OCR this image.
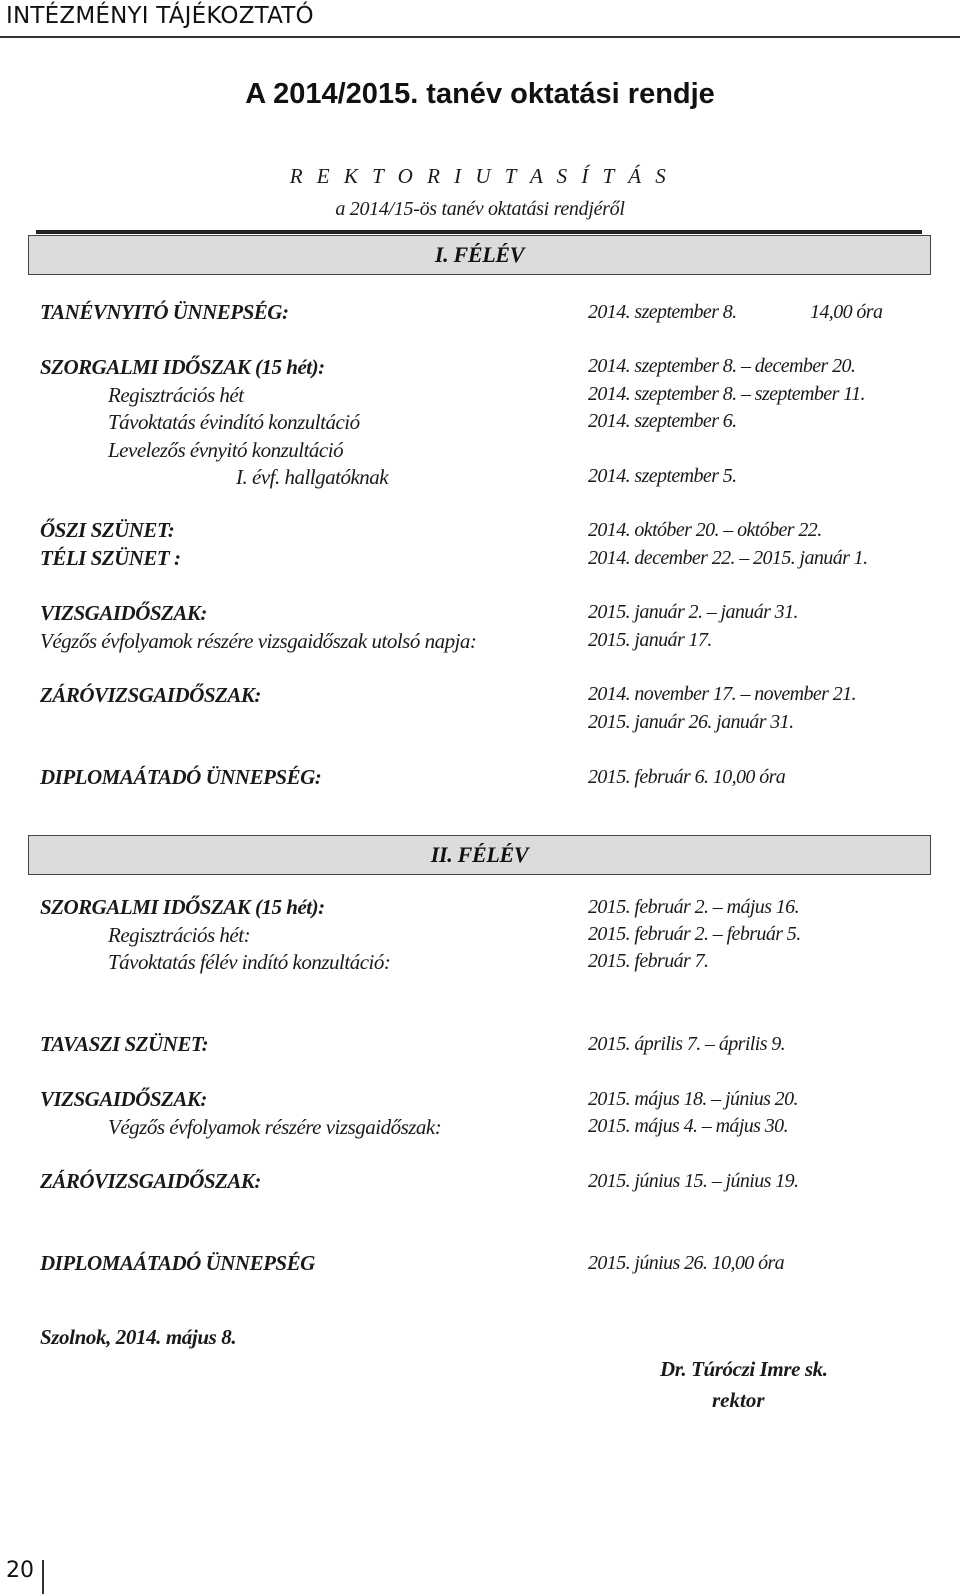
INTÉZMÉNYI TÁJÉKOZTATÓ
A 2014/2015. tanév oktatási rendje
R E K T O R I U T A S Í T Á S
a 2014/15-ös tanév oktatási rendjéről
I. FÉLÉV
TANÉVNYITÓ ÜNNEPSÉG:	2014. szeptember 8.	14,00 óra
SZORGALMI IDŐSZAK (15 hét):	2014. szeptember 8. – december 20.
Regisztrációs hét	2014. szeptember 8. – szeptember 11.
Távoktatás évindító konzultáció	2014. szeptember 6.
Levelezős évnyitó konzultáció
I. évf. hallgatóknak	2014. szeptember 5.
ŐSZI SZÜNET:	2014. október 20. – október 22.
TÉLI SZÜNET :	2014. december 22. – 2015. január 1.
VIZSGAIDŐSZAK:	2015. január 2. – január 31.
Végzős évfolyamok részére vizsgaidőszak utolsó napja:	2015. január 17.
ZÁRÓVIZSGAIDŐSZAK:	2014. november 17. – november 21.
2015. január 26. január 31.
DIPLOMAÁTADÓ ÜNNEPSÉG:	2015. február 6. 10,00 óra
II. FÉLÉV
SZORGALMI IDŐSZAK (15 hét):	2015. február 2. – május 16.
Regisztrációs hét:	2015. február 2. – február 5.
Távoktatás félév indító konzultáció:	2015. február 7.
TAVASZI SZÜNET:	2015. április 7. – április 9.
VIZSGAIDŐSZAK:	2015. május 18. – június 20.
Végzős évfolyamok részére vizsgaidőszak:	2015. május 4. – május 30.
ZÁRÓVIZSGAIDŐSZAK:	2015. június 15. – június 19.
DIPLOMAÁTADÓ ÜNNEPSÉG	2015. június 26. 10,00 óra
Szolnok, 2014. május 8.
Dr. Túróczi Imre sk.
rektor
20
